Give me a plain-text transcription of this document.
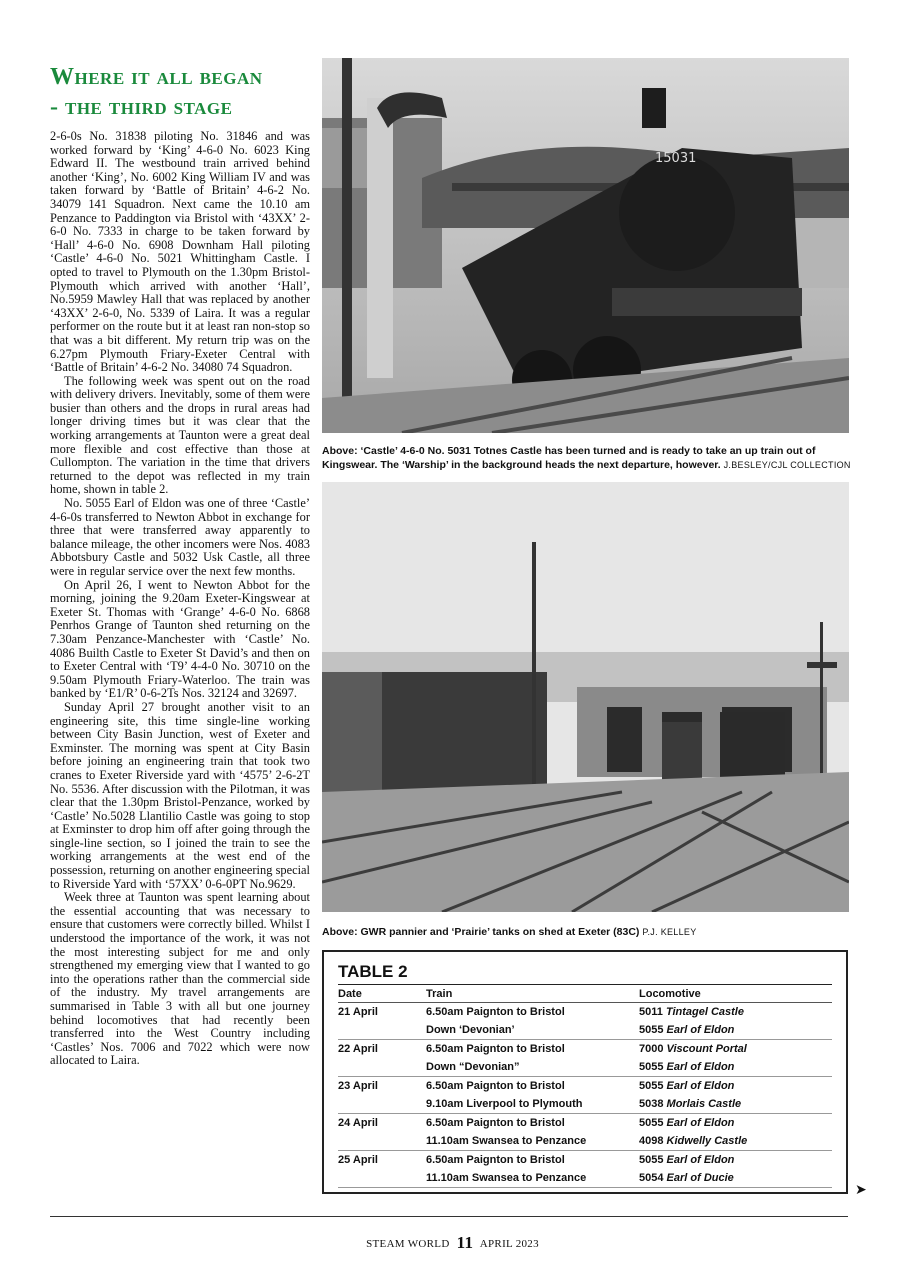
Where it all began
- the third stage

2-6-0s No. 31838 piloting No. 31846 and was worked forward by ‘King’ 4-6-0 No. 6023 King Edward II. The westbound train arrived behind another ‘King’, No. 6002 King William IV and was taken forward by ‘Battle of Britain’ 4-6-2 No. 34079 141 Squadron. Next came the 10.10 am Penzance to Paddington via Bristol with ‘43XX’ 2-6-0 No. 7333 in charge to be taken forward by ‘Hall’ 4-6-0 No. 6908 Downham Hall piloting ‘Castle’ 4-6-0 No. 5021 Whittingham Castle. I opted to travel to Plymouth on the 1.30pm Bristol-Plymouth which arrived with another ‘Hall’, No.5959 Mawley Hall that was replaced by another ‘43XX’ 2-6-0, No. 5339 of Laira. It was a regular performer on the route but it at least ran non-stop so that was a bit different. My return trip was on the 6.27pm Plymouth Friary-Exeter Central with ‘Battle of Britain’ 4-6-2 No. 34080 74 Squadron.

The following week was spent out on the road with delivery drivers. Inevitably, some of them were busier than others and the drops in rural areas had longer driving times but it was clear that the working arrangements at Taunton were a great deal more flexible and cost effective than those at Cullompton. The variation in the time that drivers returned to the depot was reflected in my train home, shown in table 2.

No. 5055 Earl of Eldon was one of three ‘Castle’ 4-6-0s transferred to Newton Abbot in exchange for three that were transferred away apparently to balance mileage, the other incomers were Nos. 4083 Abbotsbury Castle and 5032 Usk Castle, all three were in regular service over the next few months.

On April 26, I went to Newton Abbot for the morning, joining the 9.20am Exeter-Kingswear at Exeter St. Thomas with ‘Grange’ 4-6-0 No. 6868 Penrhos Grange of Taunton shed returning on the 7.30am Penzance-Manchester with ‘Castle’ No. 4086 Builth Castle to Exeter St David’s and then on to Exeter Central with ‘T9’ 4-4-0 No. 30710 on the 9.50am Plymouth Friary-Waterloo. The train was banked by ‘E1/R’ 0-6-2Ts Nos. 32124 and 32697.

Sunday April 27 brought another visit to an engineering site, this time single-line working between City Basin Junction, west of Exeter and Exminster. The morning was spent at City Basin before joining an engineering train that took two cranes to Exeter Riverside yard with ‘4575’ 2-6-2T No. 5536. After discussion with the Pilotman, it was clear that the 1.30pm Bristol-Penzance, worked by ‘Castle’ No.5028 Llantilio Castle was going to stop at Exminster to drop him off after going through the single-line section, so I joined the train to see the working arrangements at the west end of the possession, returning on another engineering special to Riverside Yard with ‘57XX’ 0-6-0PT No.9629.

Week three at Taunton was spent learning about the essential accounting that was necessary to ensure that customers were correctly billed. Whilst I understood the importance of the work, it was not the most interesting subject for me and only strengthened my emerging view that I wanted to go into the operations rather than the commercial side of the industry. My travel arrangements are summarised in Table 3 with all but one journey behind locomotives that had recently been transferred into the West Country including ‘Castles’ Nos. 7006 and 7022 which were now allocated to Laira.

15031
Above: ‘Castle’ 4-6-0 No. 5031 Totnes Castle has been turned and is ready to take an up train out of Kingswear. The ‘Warship’ in the background heads the next departure, however. J.BESLEY/CJL COLLECTION
Above: GWR pannier and ‘Prairie’ tanks on shed at Exeter (83C) P.J. KELLEY
TABLE 2
Date	Train	Locomotive
21 April	6.50am Paignton to Bristol	5011 Tintagel Castle
	Down ‘Devonian’	5055 Earl of Eldon
22 April	6.50am Paignton to Bristol	7000 Viscount Portal
	Down “Devonian”	5055 Earl of Eldon
23 April	6.50am Paignton to Bristol	5055 Earl of Eldon
	9.10am Liverpool to Plymouth	5038 Morlais Castle
24 April	6.50am Paignton to Bristol	5055 Earl of Eldon
	11.10am Swansea to Penzance	4098 Kidwelly Castle
25 April	6.50am Paignton to Bristol	5055 Earl of Eldon
	11.10am Swansea to Penzance	5054 Earl of Ducie
➤
STEAM WORLD 11 APRIL 2023
